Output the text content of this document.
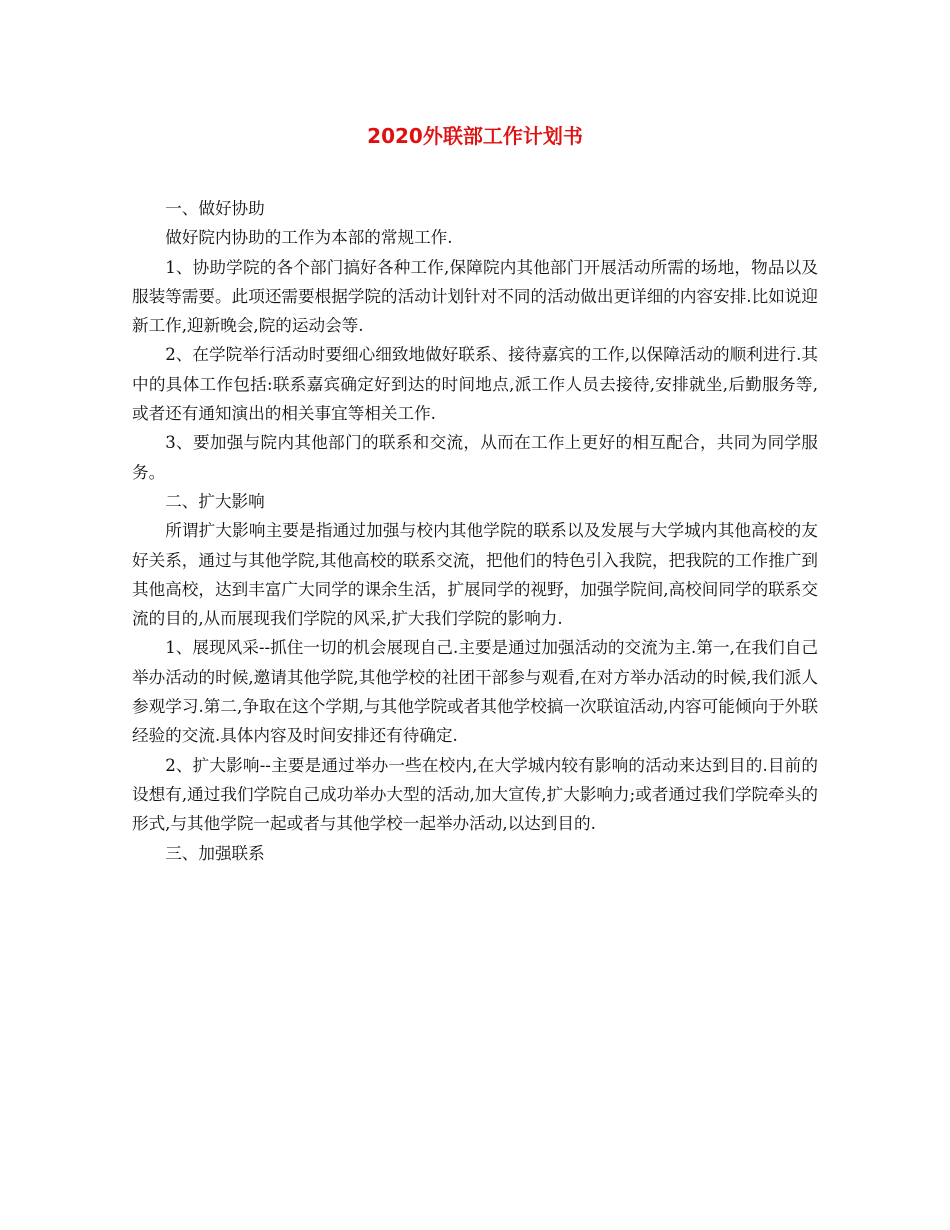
2020外联部工作计划书

一、做好协助

做好院内协助的工作为本部的常规工作.

1、协助学院的各个部门搞好各种工作,保障院内其他部门开展活动所需的场地，物品以及服装等需要。此项还需要根据学院的活动计划针对不同的活动做出更详细的内容安排.比如说迎新工作,迎新晚会,院的运动会等.

2、在学院举行活动时要细心细致地做好联系、接待嘉宾的工作,以保障活动的顺利进行.其中的具体工作包括:联系嘉宾确定好到达的时间地点,派工作人员去接待,安排就坐,后勤服务等,或者还有通知演出的相关事宜等相关工作.

3、要加强与院内其他部门的联系和交流，从而在工作上更好的相互配合，共同为同学服务。

二、扩大影响

所谓扩大影响主要是指通过加强与校内其他学院的联系以及发展与大学城内其他高校的友好关系，通过与其他学院,其他高校的联系交流，把他们的特色引入我院，把我院的工作推广到其他高校，达到丰富广大同学的课余生活，扩展同学的视野，加强学院间,高校间同学的联系交流的目的,从而展现我们学院的风采,扩大我们学院的影响力.

1、展现风采--抓住一切的机会展现自己.主要是通过加强活动的交流为主.第一,在我们自己举办活动的时候,邀请其他学院,其他学校的社团干部参与观看,在对方举办活动的时候,我们派人参观学习.第二,争取在这个学期,与其他学院或者其他学校搞一次联谊活动,内容可能倾向于外联经验的交流.具体内容及时间安排还有待确定.

2、扩大影响--主要是通过举办一些在校内,在大学城内较有影响的活动来达到目的.目前的设想有,通过我们学院自己成功举办大型的活动,加大宣传,扩大影响力;或者通过我们学院牵头的形式,与其他学院一起或者与其他学校一起举办活动,以达到目的.

三、加强联系
